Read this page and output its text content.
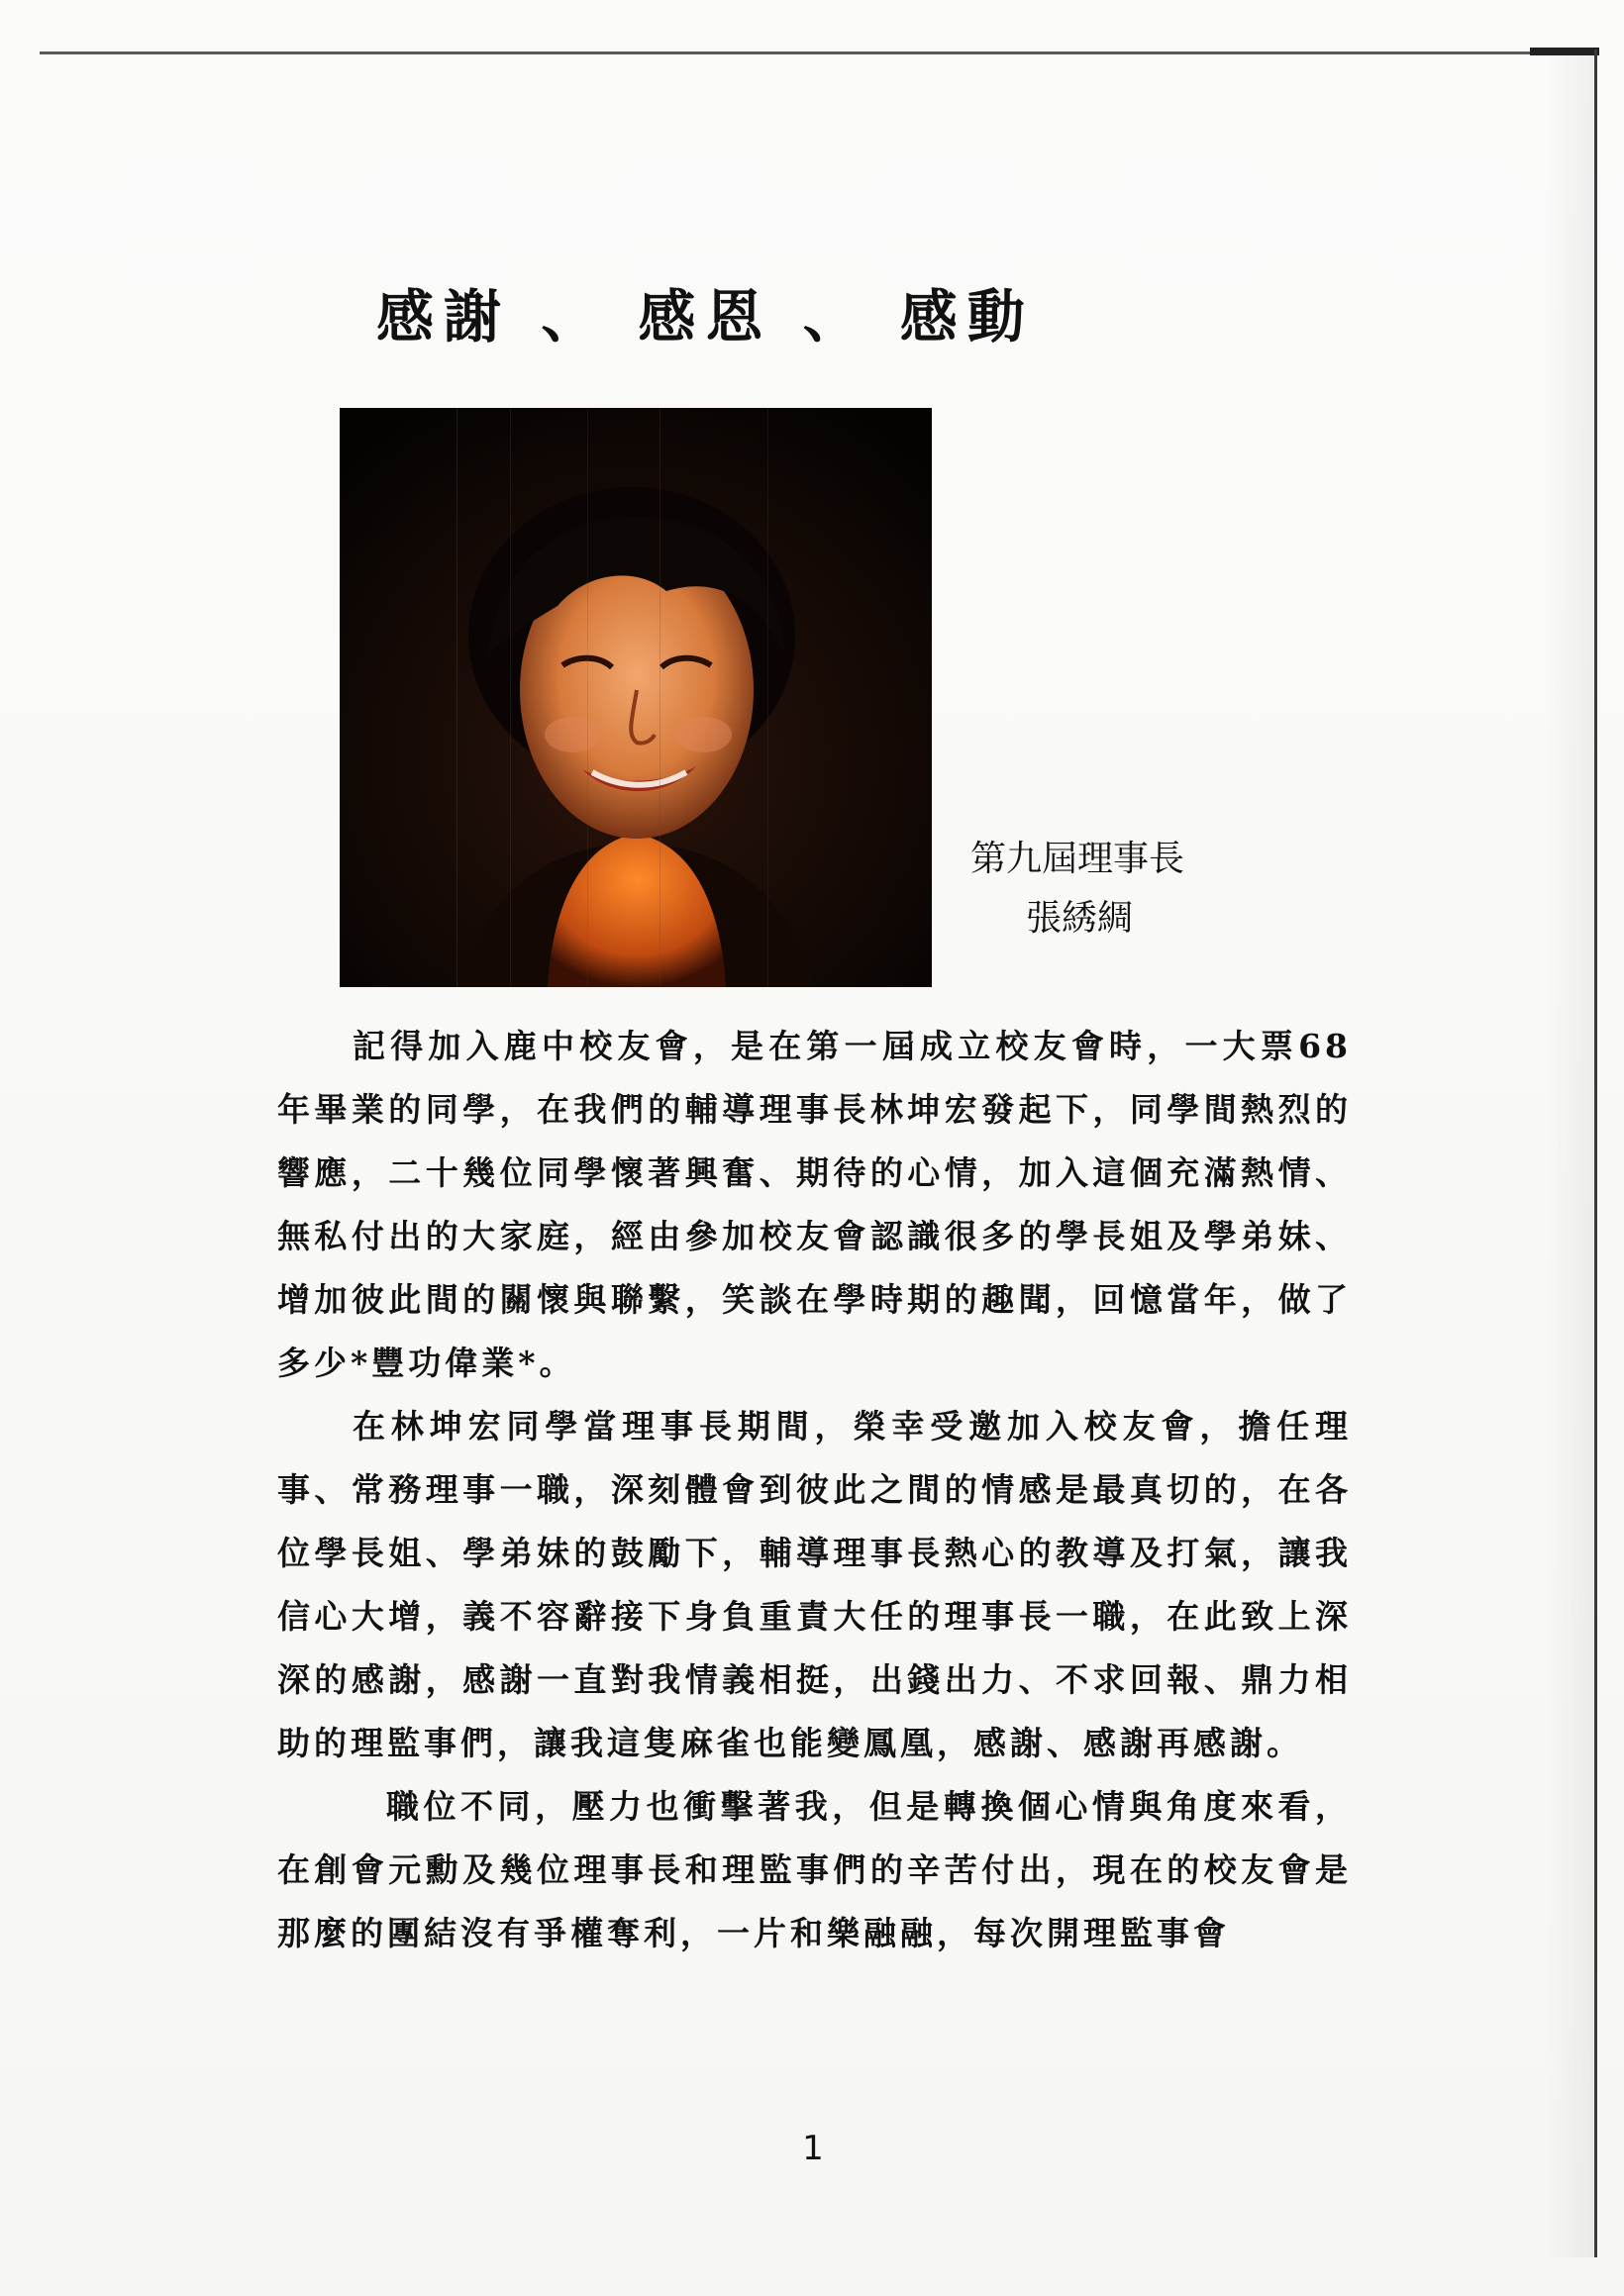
感謝 、 感恩 、 感動
第九屆理事長
張綉綢

記得加入鹿中校友會，是在第一屆成立校友會時，一大票68年畢業的同學，在我們的輔導理事長林坤宏發起下，同學間熱烈的響應，二十幾位同學懷著興奮、期待的心情，加入這個充滿熱情、無私付出的大家庭，經由參加校友會認識很多的學長姐及學弟妹、增加彼此間的關懷與聯繫，笑談在學時期的趣聞，回憶當年，做了多少*豐功偉業*。

在林坤宏同學當理事長期間，榮幸受邀加入校友會，擔任理事、常務理事一職，深刻體會到彼此之間的情感是最真切的，在各位學長姐、學弟妹的鼓勵下，輔導理事長熱心的教導及打氣，讓我信心大增，義不容辭接下身負重責大任的理事長一職，在此致上深深的感謝，感謝一直對我情義相挺，出錢出力、不求回報、鼎力相助的理監事們，讓我這隻麻雀也能變鳳凰，感謝、感謝再感謝。

職位不同，壓力也衝擊著我，但是轉換個心情與角度來看，在創會元勳及幾位理事長和理監事們的辛苦付出，現在的校友會是那麼的團結沒有爭權奪利，一片和樂融融，每次開理監事會

1
